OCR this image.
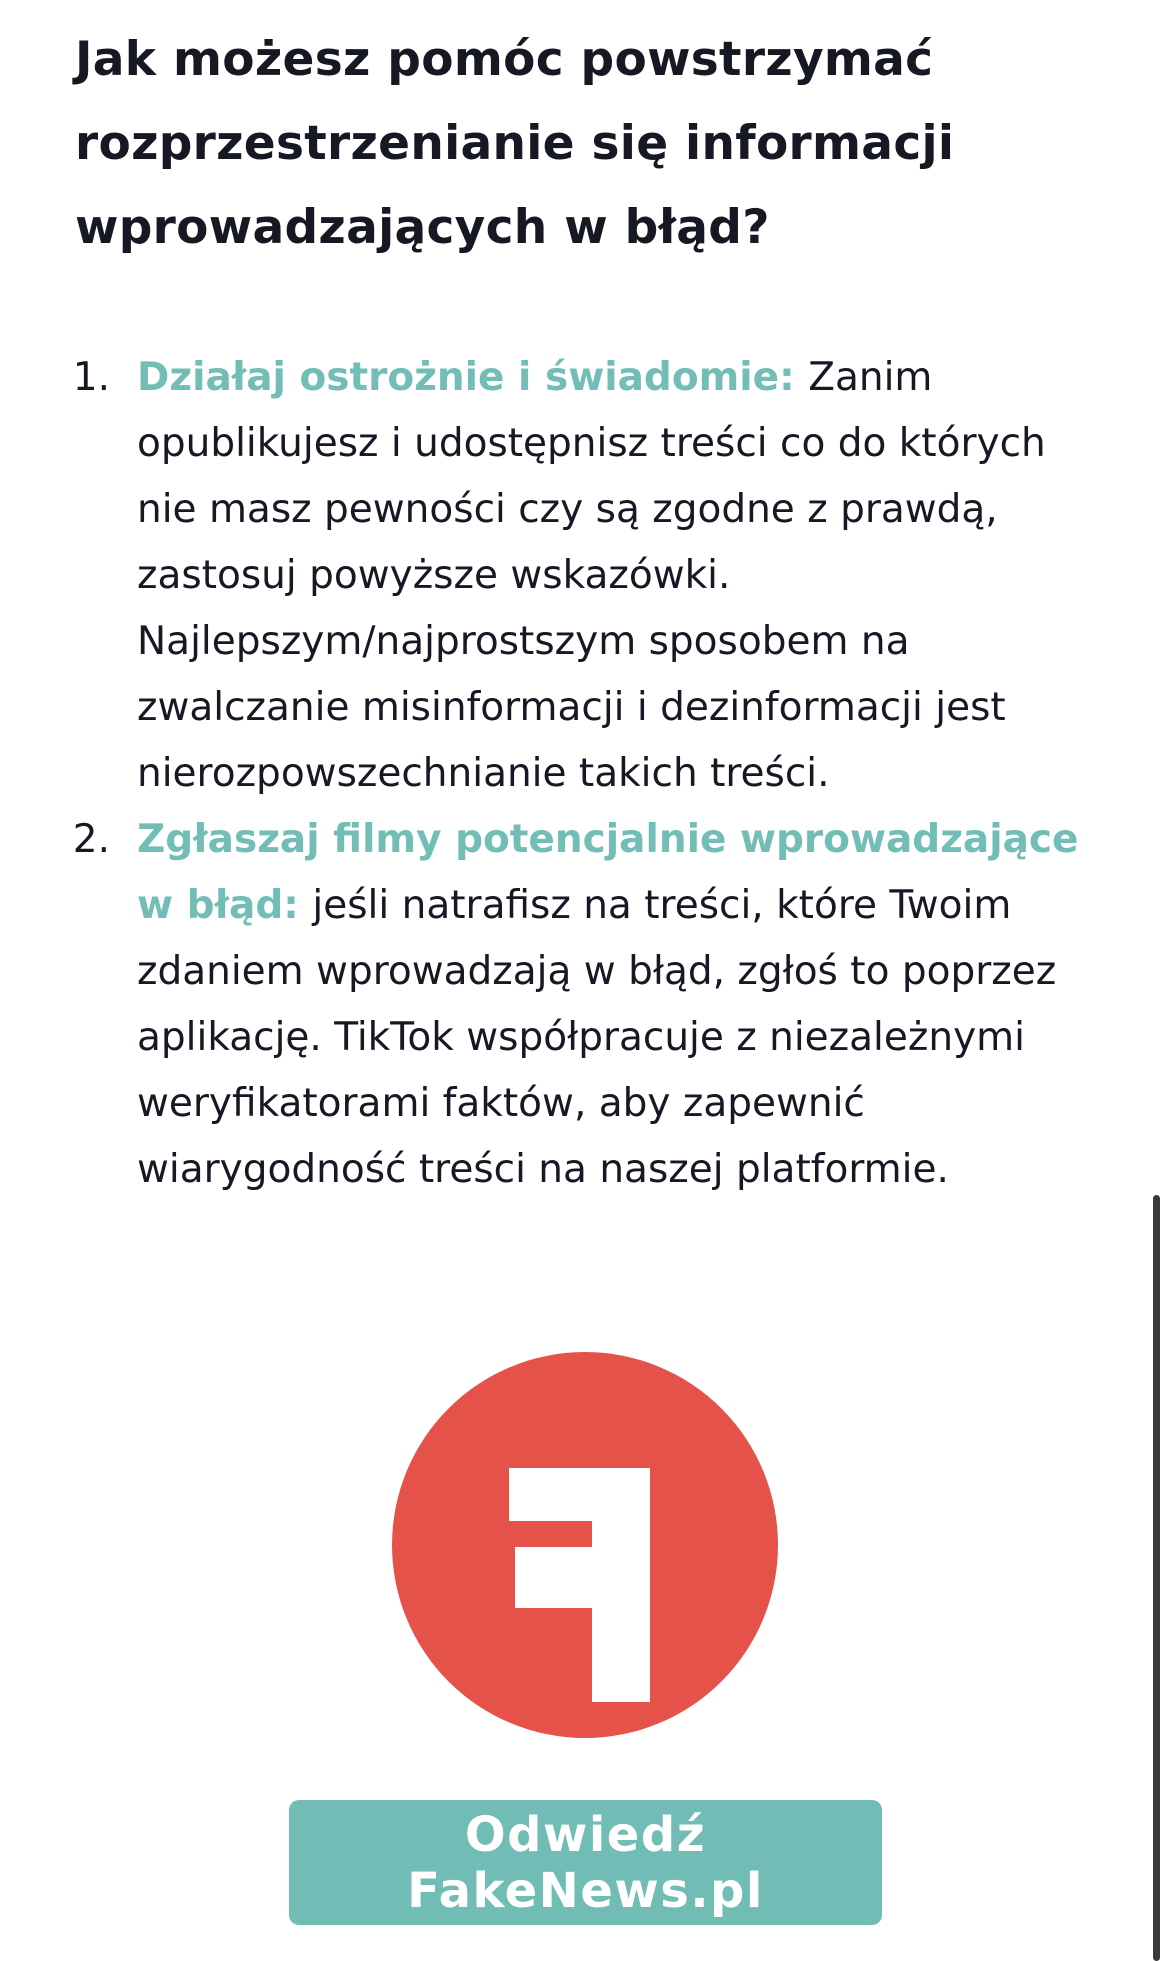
Jak możesz pomóc powstrzymać rozprzestrzenianie się informacji wprowadzających w błąd?
1. Działaj ostrożnie i świadomie: Zanim opublikujesz i udostępnisz treści co do których nie masz pewności czy są zgodne z prawdą, zastosuj powyższe wskazówki. Najlepszym/najprostszym sposobem na zwalczanie misinformacji i dezinformacji jest nierozpowszechnianie takich treści.
2. Zgłaszaj filmy potencjalnie wprowadzające w błąd: jeśli natrafisz na treści, które Twoim zdaniem wprowadzają w błąd, zgłoś to poprzez aplikację. TikTok współpracuje z niezależnymi weryfikatorami faktów, aby zapewnić wiarygodność treści na naszej platformie.
Odwiedź FakeNews.pl
